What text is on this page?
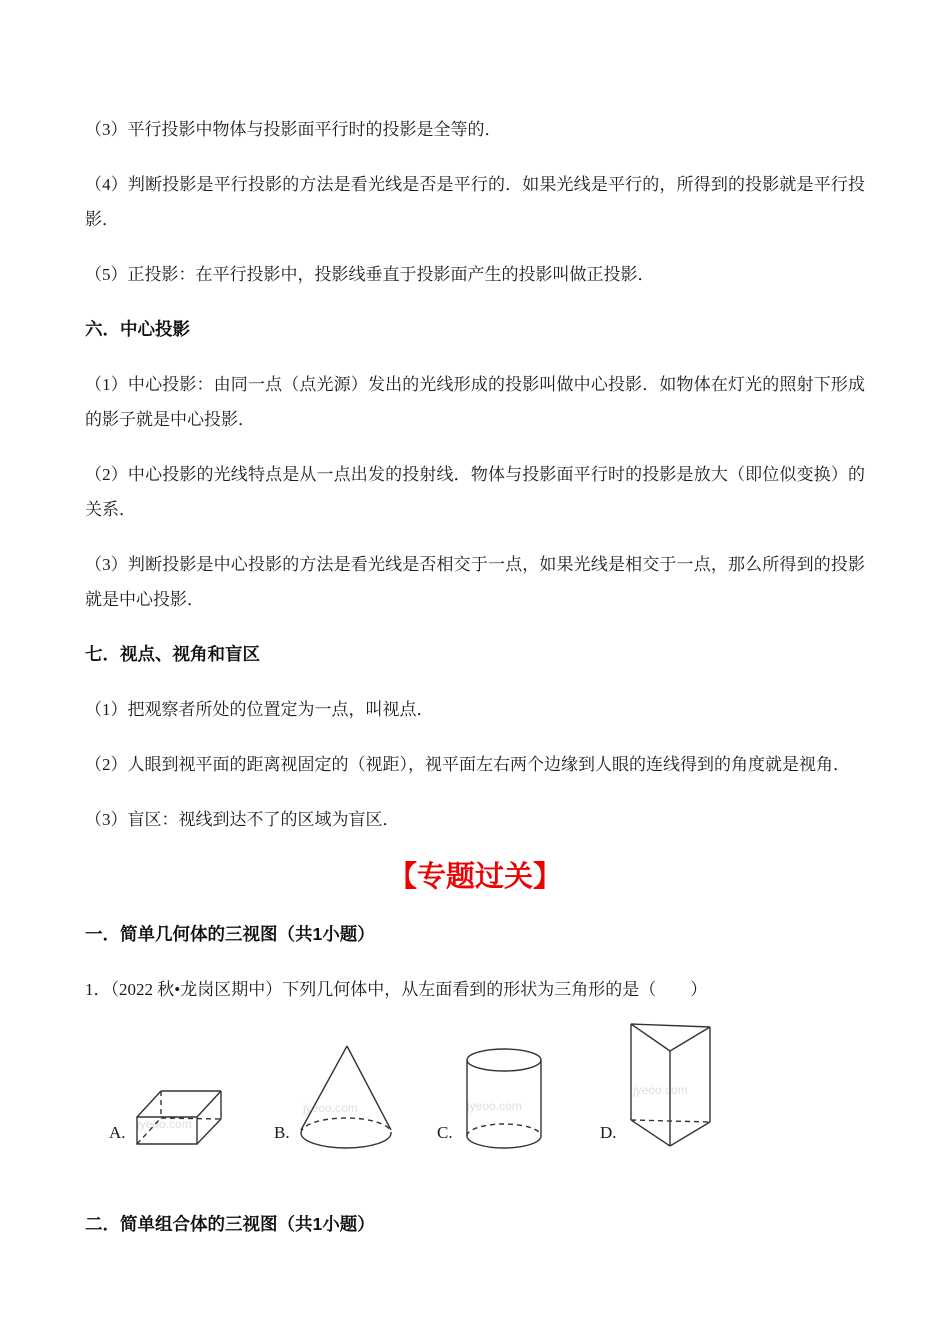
（3）平行投影中物体与投影面平行时的投影是全等的．

（4）判断投影是平行投影的方法是看光线是否是平行的．如果光线是平行的，所得到的投影就是平行投影．

（5）正投影：在平行投影中，投影线垂直于投影面产生的投影叫做正投影．

六．中心投影

（1）中心投影：由同一点（点光源）发出的光线形成的投影叫做中心投影．如物体在灯光的照射下形成的影子就是中心投影．

（2）中心投影的光线特点是从一点出发的投射线．物体与投影面平行时的投影是放大（即位似变换）的关系．

（3）判断投影是中心投影的方法是看光线是否相交于一点，如果光线是相交于一点，那么所得到的投影就是中心投影．

七．视点、视角和盲区

（1）把观察者所处的位置定为一点，叫视点．

（2）人眼到视平面的距离视固定的（视距），视平面左右两个边缘到人眼的连线得到的角度就是视角．

（3）盲区：视线到达不了的区域为盲区．

【专题过关】
一．简单几何体的三视图（共1小题）

1．（2022 秋•龙岗区期中）下列几何体中，从左面看到的形状为三角形的是（　　）

jyeoo.com
jyeoo.com	jyeoo.com
jyeoo.com
A.	B.	C.	D.
二．简单组合体的三视图（共1小题）
